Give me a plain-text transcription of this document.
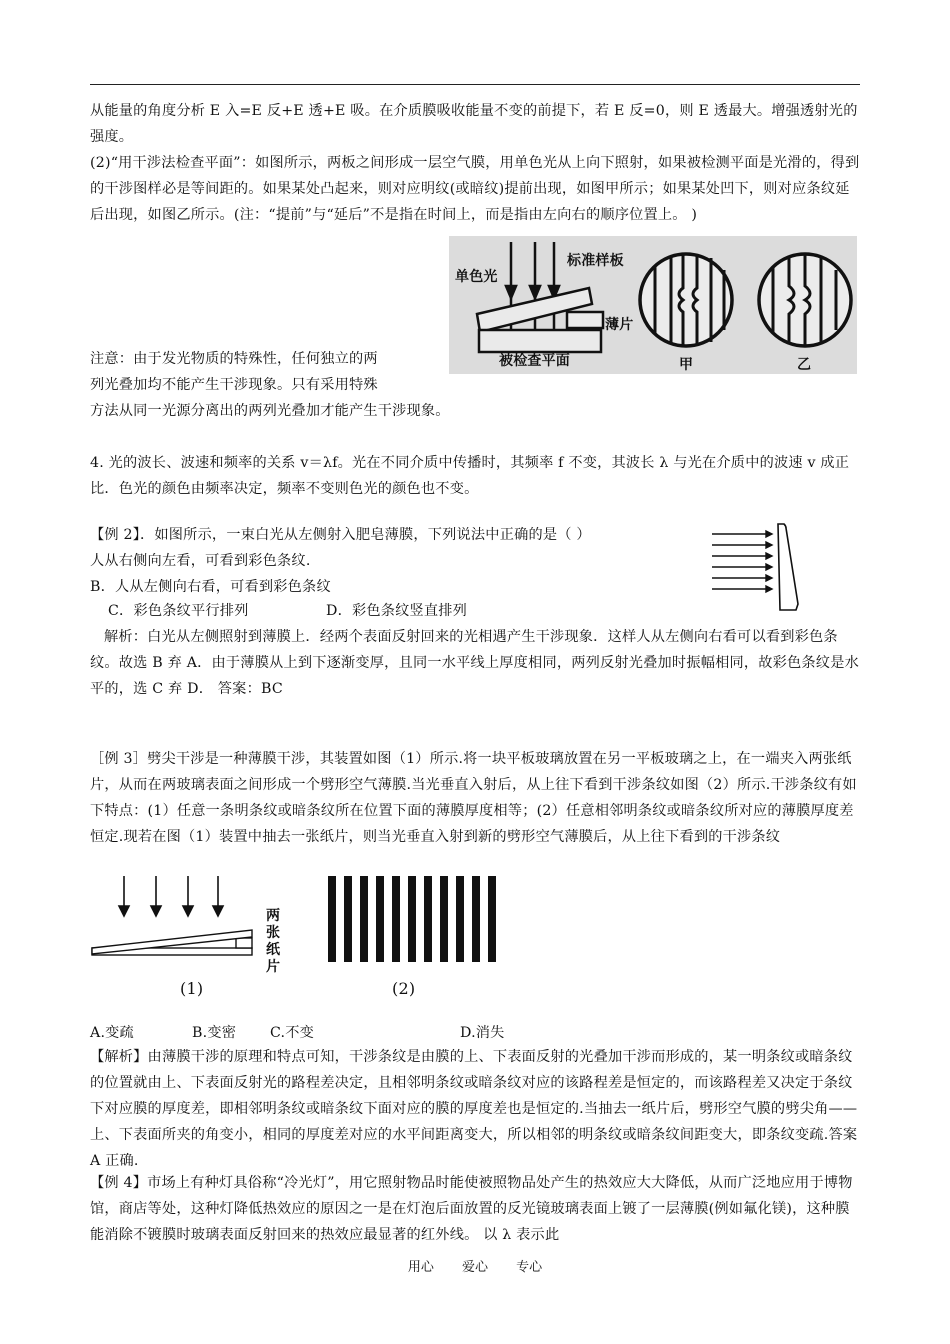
从能量的角度分析 E 入=E 反+E 透+E 吸。在介质膜吸收能量不变的前提下，若 E 反=0，则 E 透最大。增强透射光的强度。
(2)“用干涉法检查平面”：如图所示，两板之间形成一层空气膜，用单色光从上向下照射，如果被检测平面是光滑的，得到的干涉图样必是等间距的。如果某处凸起来，则对应明纹(或暗纹)提前出现，如图甲所示；如果某处凹下，则对应条纹延后出现，如图乙所示。(注：“提前”与“延后”不是指在时间上，而是指由左向右的顺序位置上。 )
单色光
标准样板
薄片
被检查平面	甲	乙
注意：由于发光物质的特殊性，任何独立的两
列光叠加均不能产生干涉现象。只有采用特殊
方法从同一光源分离出的两列光叠加才能产生干涉现象。
4. 光的波长、波速和频率的关系 v＝λf。光在不同介质中传播时，其频率 f 不变，其波长 λ 与光在介质中的波速 v 成正比．色光的颜色由频率决定，频率不变则色光的颜色也不变。
【例 2】．如图所示，一束白光从左侧射入肥皂薄膜，下列说法中正确的是（ ）
人从右侧向左看，可看到彩色条纹.
B．人从左侧向右看，可看到彩色条纹
C．彩色条纹平行排列	D．彩色条纹竖直排列
解析：白光从左侧照射到薄膜上．经两个表面反射回来的光相遇产生干涉现象．这样人从左侧向右看可以看到彩色条纹。故选 B 弃 A．由于薄膜从上到下逐渐变厚，且同一水平线上厚度相同，两列反射光叠加时振幅相同，故彩色条纹是水平的，选 C 弃 D． 答案：BC
［例 3］劈尖干涉是一种薄膜干涉，其装置如图（1）所示.将一块平板玻璃放置在另一平板玻璃之上，在一端夹入两张纸片，从而在两玻璃表面之间形成一个劈形空气薄膜.当光垂直入射后，从上往下看到干涉条纹如图（2）所示.干涉条纹有如下特点：(1）任意一条明条纹或暗条纹所在位置下面的薄膜厚度相等；(2）任意相邻明条纹或暗条纹所对应的薄膜厚度差恒定.现若在图（1）装置中抽去一张纸片，则当光垂直入射到新的劈形空气薄膜后，从上往下看到的干涉条纹
两张纸片
(1)	(2)
A.变疏	B.变密 C.不变	D.消失
【解析】由薄膜干涉的原理和特点可知，干涉条纹是由膜的上、下表面反射的光叠加干涉而形成的，某一明条纹或暗条纹的位置就由上、下表面反射光的路程差决定，且相邻明条纹或暗条纹对应的该路程差是恒定的，而该路程差又决定于条纹下对应膜的厚度差，即相邻明条纹或暗条纹下面对应的膜的厚度差也是恒定的.当抽去一纸片后，劈形空气膜的劈尖角——上、下表面所夹的角变小，相同的厚度差对应的水平间距离变大，所以相邻的明条纹或暗条纹间距变大，即条纹变疏.答案 A 正确.
【例 4】市场上有种灯具俗称“冷光灯”，用它照射物品时能使被照物品处产生的热效应大大降低，从而广泛地应用于博物馆，商店等处，这种灯降低热效应的原因之一是在灯泡后面放置的反光镜玻璃表面上镀了一层薄膜(例如氟化镁)，这种膜能消除不镀膜时玻璃表面反射回来的热效应最显著的红外线。 以 λ 表示此
用心 爱心 专心
